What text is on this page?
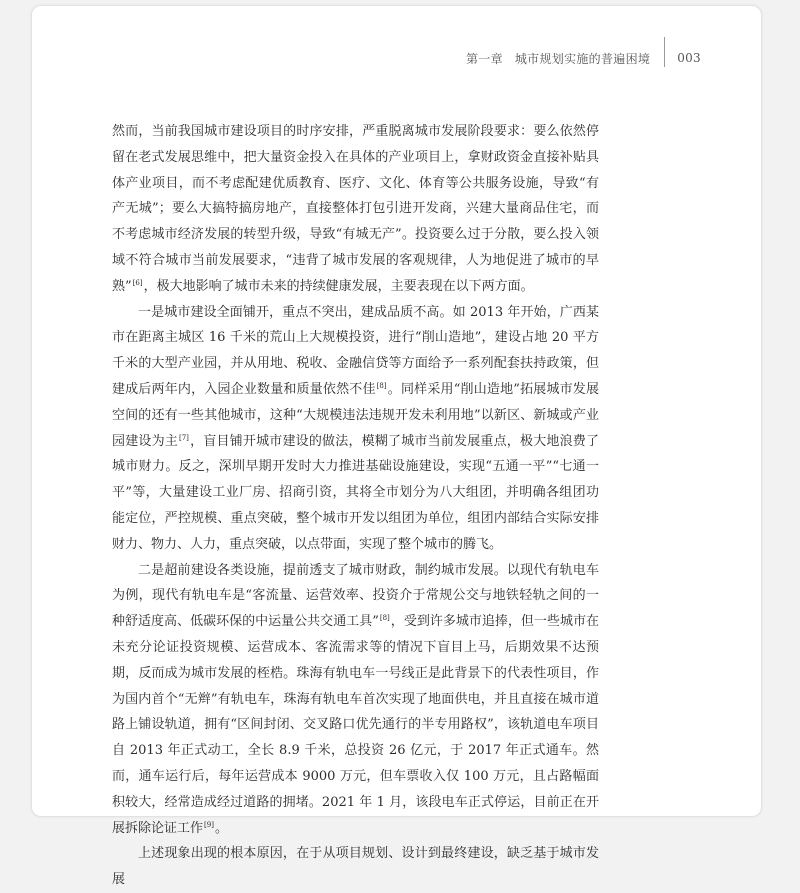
第一章 城市规划实施的普遍困境 003

然而，当前我国城市建设项目的时序安排，严重脱离城市发展阶段要求：要么依然停留在老式发展思维中，把大量资金投入在具体的产业项目上，拿财政资金直接补贴具体产业项目，而不考虑配建优质教育、医疗、文化、体育等公共服务设施，导致“有产无城”；要么大搞特搞房地产，直接整体打包引进开发商，兴建大量商品住宅，而不考虑城市经济发展的转型升级，导致“有城无产”。投资要么过于分散，要么投入领域不符合城市当前发展要求，“违背了城市发展的客观规律，人为地促进了城市的早熟”[6]，极大地影响了城市未来的持续健康发展，主要表现在以下两方面。

一是城市建设全面铺开，重点不突出，建成品质不高。如 2013 年开始，广西某市在距离主城区 16 千米的荒山上大规模投资，进行“削山造地”，建设占地 20 平方千米的大型产业园，并从用地、税收、金融信贷等方面给予一系列配套扶持政策，但建成后两年内，入园企业数量和质量依然不佳[8]。同样采用“削山造地”拓展城市发展空间的还有一些其他城市，这种“大规模违法违规开发未利用地”以新区、新城或产业园建设为主[7]，盲目铺开城市建设的做法，模糊了城市当前发展重点，极大地浪费了城市财力。反之，深圳早期开发时大力推进基础设施建设，实现“五通一平”“七通一平”等，大量建设工业厂房、招商引资，其将全市划分为八大组团，并明确各组团功能定位，严控规模、重点突破，整个城市开发以组团为单位，组团内部结合实际安排财力、物力、人力，重点突破，以点带面，实现了整个城市的腾飞。

二是超前建设各类设施，提前透支了城市财政，制约城市发展。以现代有轨电车为例，现代有轨电车是“客流量、运营效率、投资介于常规公交与地铁轻轨之间的一种舒适度高、低碳环保的中运量公共交通工具”[8]，受到许多城市追捧，但一些城市在未充分论证投资规模、运营成本、客流需求等的情况下盲目上马，后期效果不达预期，反而成为城市发展的桎梏。珠海有轨电车一号线正是此背景下的代表性项目，作为国内首个“无辫”有轨电车，珠海有轨电车首次实现了地面供电，并且直接在城市道路上铺设轨道，拥有“区间封闭、交叉路口优先通行的半专用路权”，该轨道电车项目自 2013 年正式动工，全长 8.9 千米，总投资 26 亿元，于 2017 年正式通车。然而，通车运行后，每年运营成本 9000 万元，但车票收入仅 100 万元，且占路幅面积较大，经常造成经过道路的拥堵。2021 年 1 月，该段电车正式停运，目前正在开展拆除论证工作[9]。

上述现象出现的根本原因，在于从项目规划、设计到最终建设，缺乏基于城市发展
